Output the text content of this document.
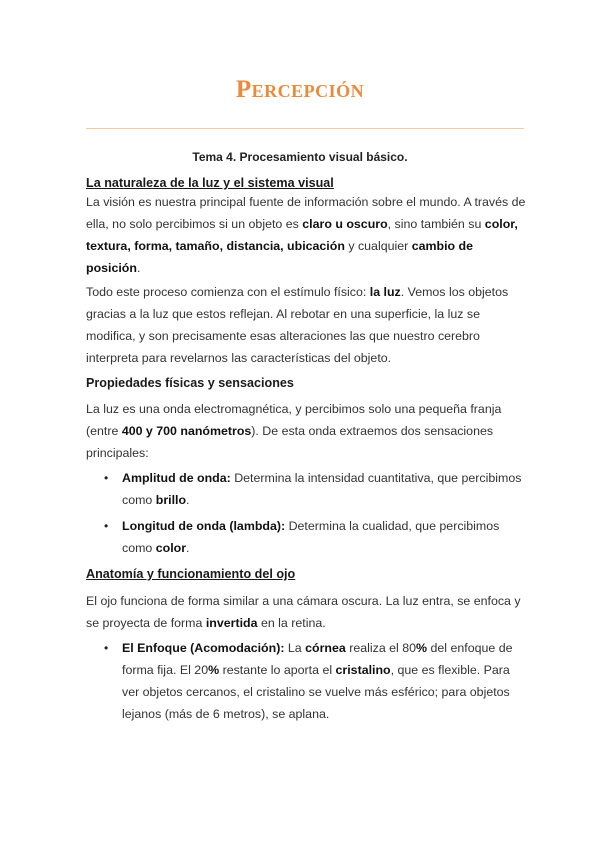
Percepción
Tema 4. Procesamiento visual básico.
La naturaleza de la luz y el sistema visual
La visión es nuestra principal fuente de información sobre el mundo. A través de ella, no solo percibimos si un objeto es claro u oscuro, sino también su color, textura, forma, tamaño, distancia, ubicación y cualquier cambio de posición.
Todo este proceso comienza con el estímulo físico: la luz. Vemos los objetos gracias a la luz que estos reflejan. Al rebotar en una superficie, la luz se modifica, y son precisamente esas alteraciones las que nuestro cerebro interpreta para revelarnos las características del objeto.
Propiedades físicas y sensaciones
La luz es una onda electromagnética, y percibimos solo una pequeña franja (entre 400 y 700 nanómetros). De esta onda extraemos dos sensaciones principales:
• Amplitud de onda: Determina la intensidad cuantitativa, que percibimos como brillo.
• Longitud de onda (lambda): Determina la cualidad, que percibimos como color.
Anatomía y funcionamiento del ojo
El ojo funciona de forma similar a una cámara oscura. La luz entra, se enfoca y se proyecta de forma invertida en la retina.
• El Enfoque (Acomodación): La córnea realiza el 80% del enfoque de forma fija. El 20% restante lo aporta el cristalino, que es flexible. Para ver objetos cercanos, el cristalino se vuelve más esférico; para objetos lejanos (más de 6 metros), se aplana.
